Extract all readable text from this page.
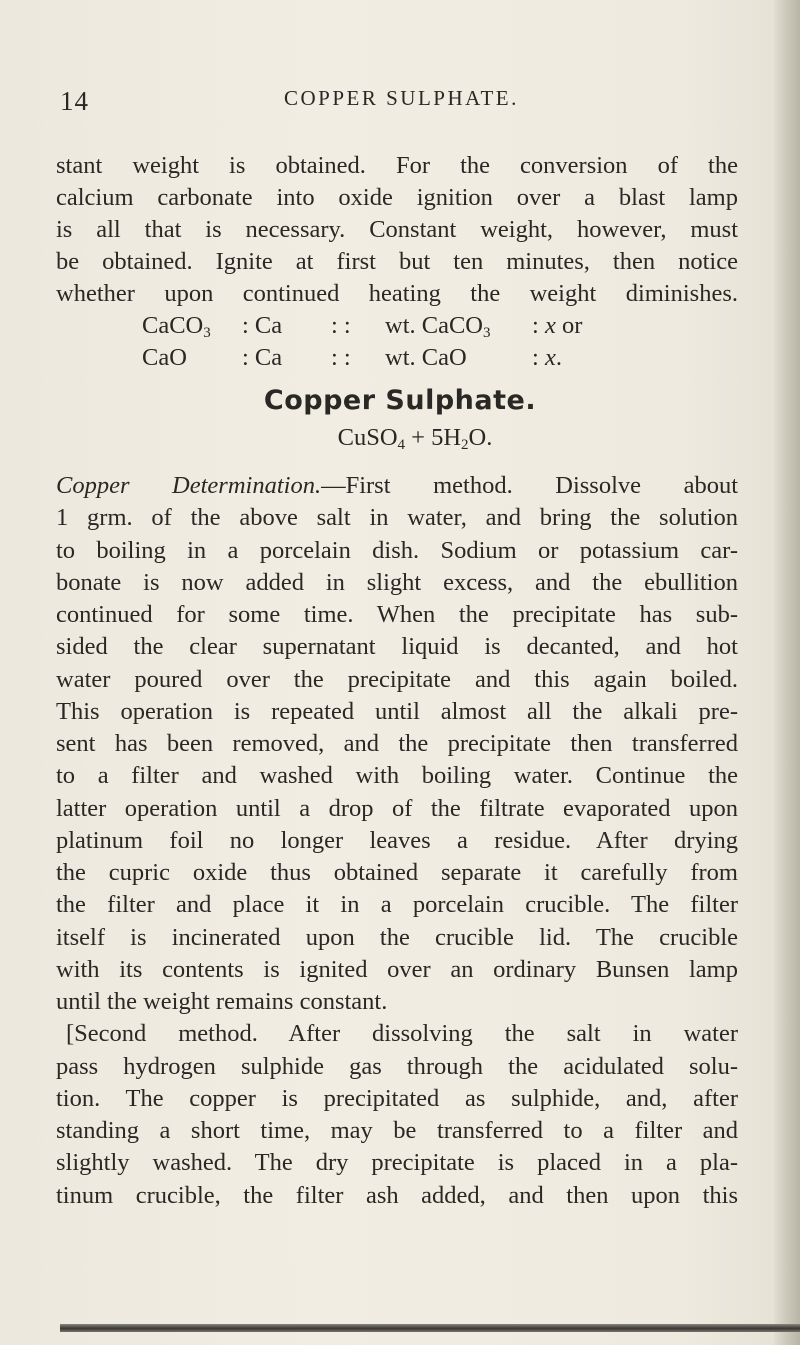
14	COPPER SULPHATE.
stant weight is obtained. For the conversion of the
calcium carbonate into oxide ignition over a blast lamp
is all that is necessary. Constant weight, however, must
be obtained. Ignite at first but ten minutes, then notice
whether upon continued heating the weight diminishes.
CaCO$_3$ : Ca : : wt. CaCO$_3$ : x or
CaO : Ca : : wt. CaO	: x.
Copper Sulphate.
CuSO$_4$ + $5H_2O$.
Copper Determination.—First method. Dissolve about
1 grm. of the above salt in water, and bring the solution
to boiling in a porcelain dish. Sodium or potassium car-
bonate is now added in slight excess, and the ebullition
continued for some time. When the precipitate has sub-
sided the clear supernatant liquid is decanted, and hot
water poured over the precipitate and this again boiled.
This operation is repeated until almost all the alkali pre-
sent has been removed, and the precipitate then transferred
to a filter and washed with boiling water. Continue the
latter operation until a drop of the filtrate evaporated upon
platinum foil no longer leaves a residue. After drying
the cupric oxide thus obtained separate it carefully from
the filter and place it in a porcelain crucible. The filter
itself is incinerated upon the crucible lid. The crucible
with its contents is ignited over an ordinary Bunsen lamp
until the weight remains constant.
[Second method. After dissolving the salt in water
pass hydrogen sulphide gas through the acidulated solu-
tion. The copper is precipitated as sulphide, and, after
standing a short time, may be transferred to a filter and
slightly washed. The dry precipitate is placed in a pla-
tinum crucible, the filter ash added, and then upon this
